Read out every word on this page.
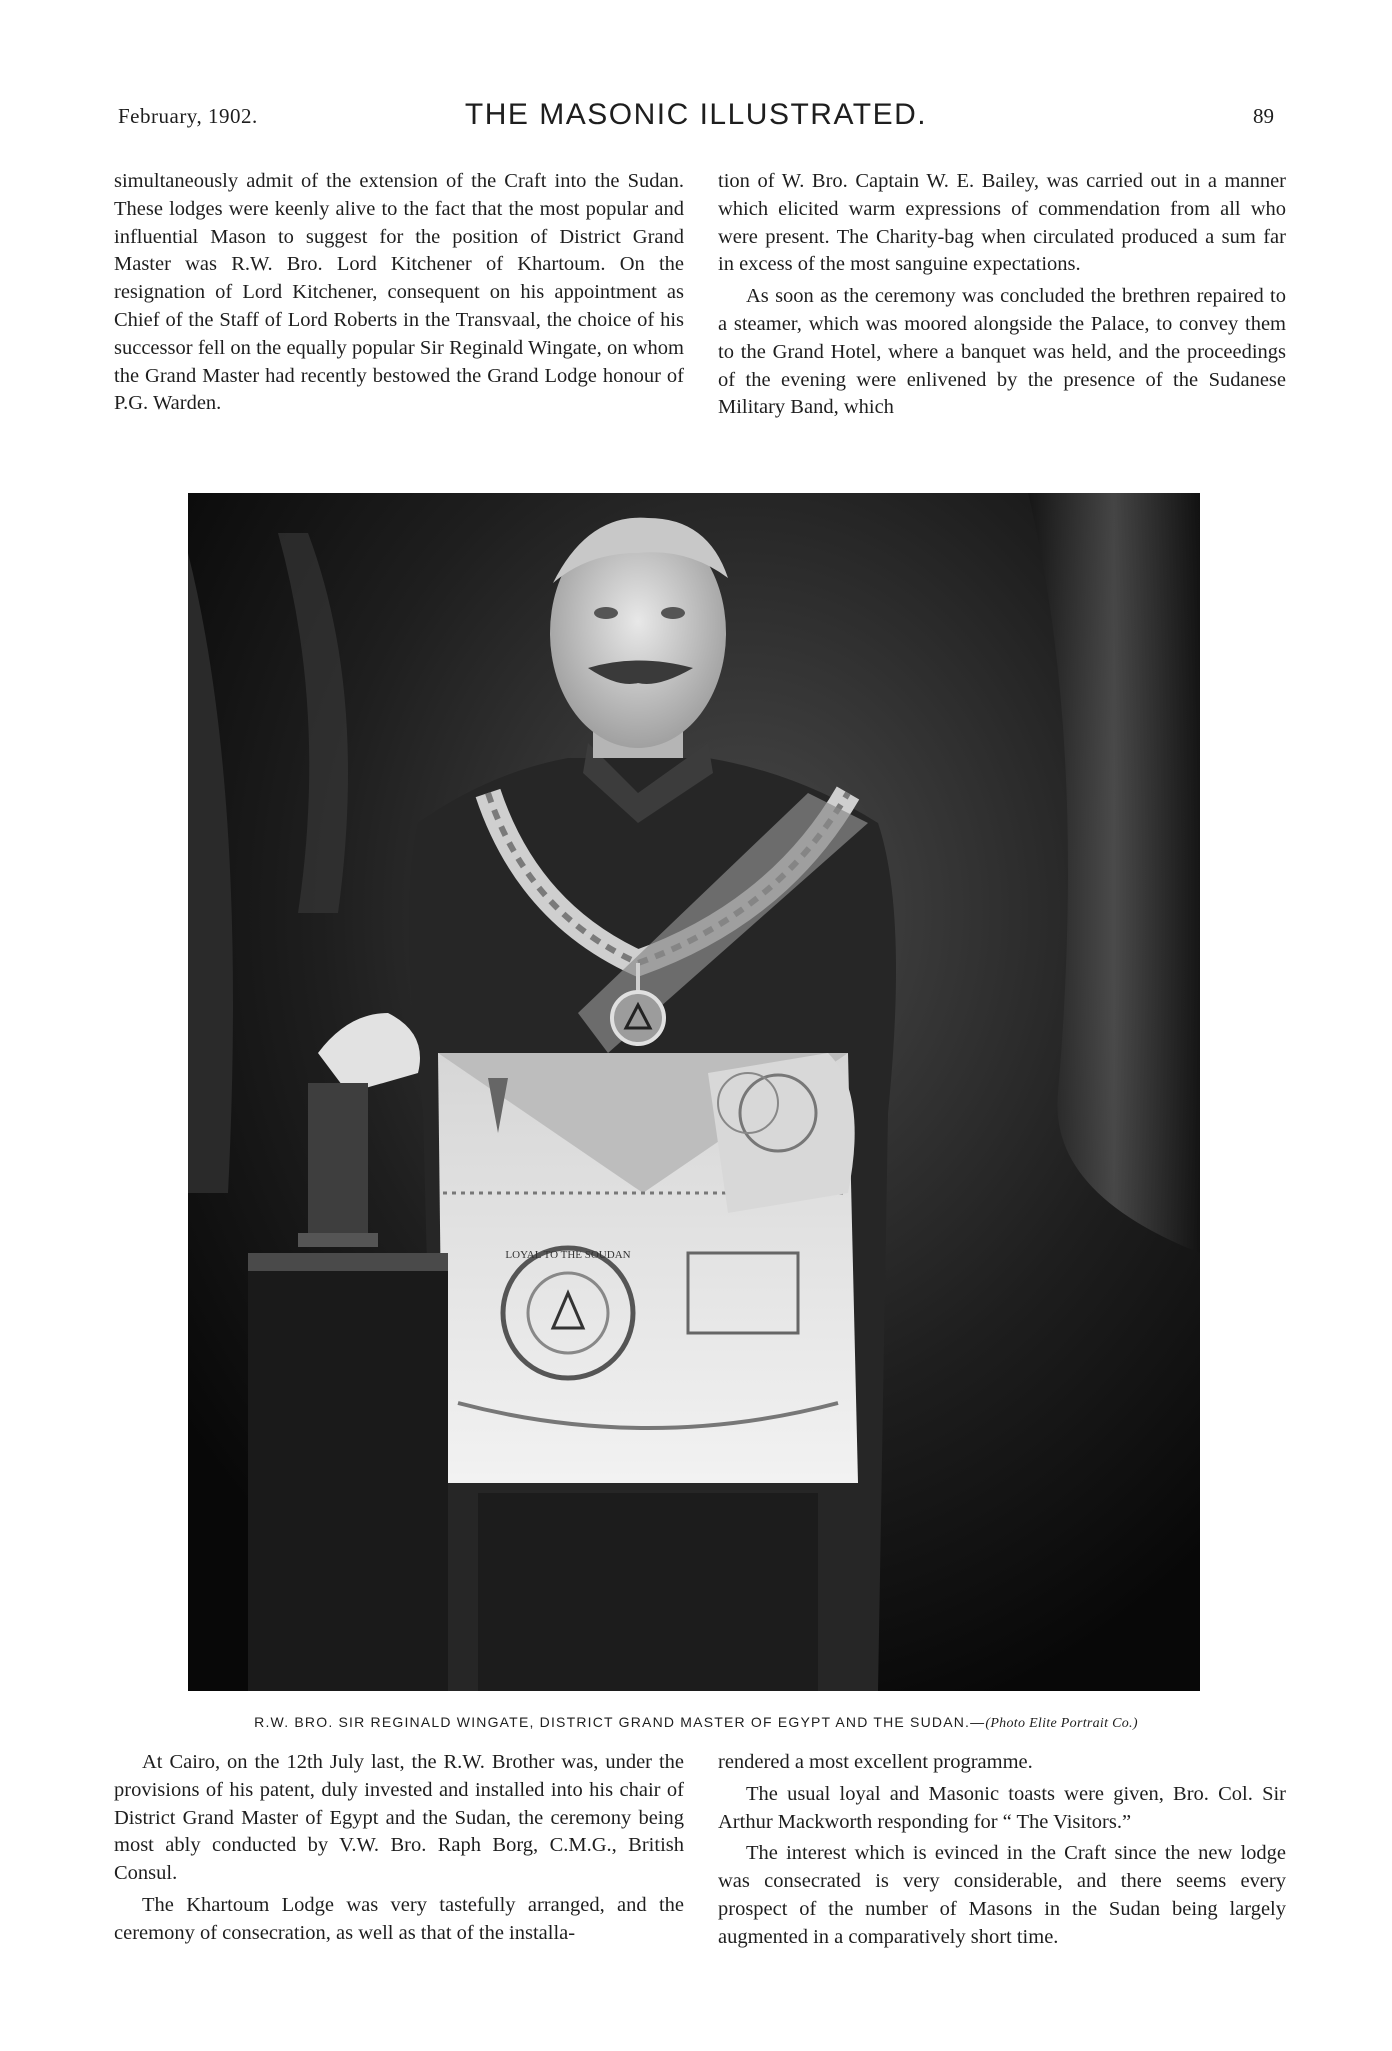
February, 1902.	THE MASONIC ILLUSTRATED.	89

simultaneously admit of the extension of the Craft into the Sudan. These lodges were keenly alive to the fact that the most popular and influential Mason to suggest for the position of District Grand Master was R.W. Bro. Lord Kitchener of Khartoum. On the resignation of Lord Kitchener, consequent on his appointment as Chief of the Staff of Lord Roberts in the Transvaal, the choice of his successor fell on the equally popular Sir Reginald Wingate, on whom the Grand Master had recently bestowed the Grand Lodge honour of P.G. Warden.

tion of W. Bro. Captain W. E. Bailey, was carried out in a manner which elicited warm expressions of commendation from all who were present. The Charity-bag when circulated produced a sum far in excess of the most sanguine expectations.

As soon as the ceremony was concluded the brethren repaired to a steamer, which was moored alongside the Palace, to convey them to the Grand Hotel, where a banquet was held, and the proceedings of the evening were enlivened by the presence of the Sudanese Military Band, which

LOYAL TO THE SOUDAN
R.W. BRO. SIR REGINALD WINGATE, DISTRICT GRAND MASTER OF EGYPT AND THE SUDAN.—(Photo Elite Portrait Co.)

At Cairo, on the 12th July last, the R.W. Brother was, under the provisions of his patent, duly invested and installed into his chair of District Grand Master of Egypt and the Sudan, the ceremony being most ably conducted by V.W. Bro. Raph Borg, C.M.G., British Consul.

The Khartoum Lodge was very tastefully arranged, and the ceremony of consecration, as well as that of the installa-

rendered a most excellent programme.

The usual loyal and Masonic toasts were given, Bro. Col. Sir Arthur Mackworth responding for “ The Visitors.”

The interest which is evinced in the Craft since the new lodge was consecrated is very considerable, and there seems every prospect of the number of Masons in the Sudan being largely augmented in a comparatively short time.
